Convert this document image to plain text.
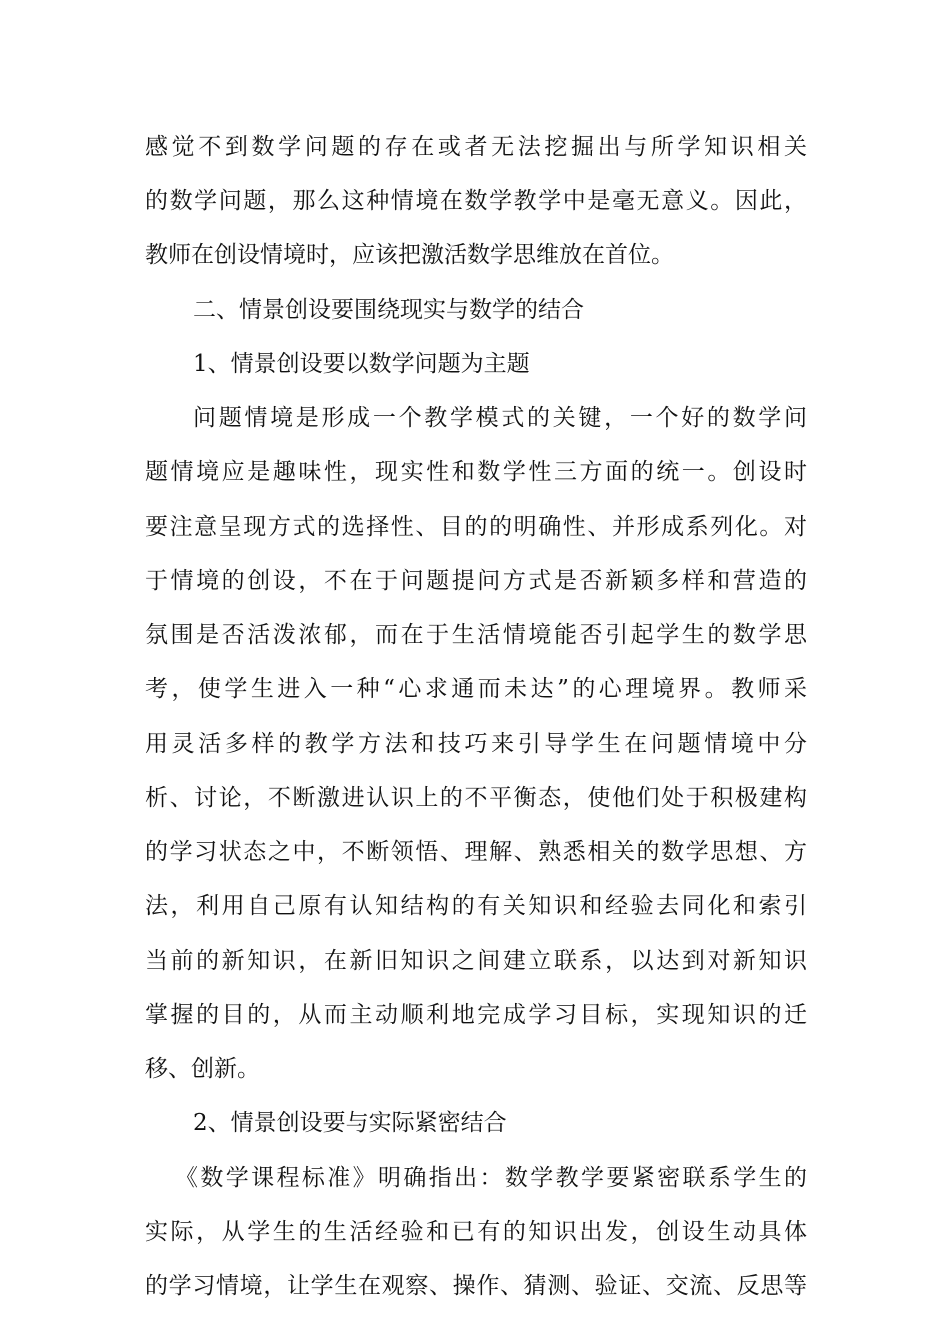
感觉不到数学问题的存在或者无法挖掘出与所学知识相关
的数学问题，那么这种情境在数学教学中是毫无意义。因此，
教师在创设情境时，应该把激活数学思维放在首位。
二、情景创设要围绕现实与数学的结合
1、情景创设要以数学问题为主题
问题情境是形成一个教学模式的关键，一个好的数学问
题情境应是趣味性，现实性和数学性三方面的统一。创设时
要注意呈现方式的选择性、目的的明确性、并形成系列化。对
于情境的创设，不在于问题提问方式是否新颖多样和营造的
氛围是否活泼浓郁，而在于生活情境能否引起学生的数学思
考，使学生进入一种“心求通而未达”的心理境界。教师采
用灵活多样的教学方法和技巧来引导学生在问题情境中分
析、讨论，不断激进认识上的不平衡态，使他们处于积极建构
的学习状态之中，不断领悟、理解、熟悉相关的数学思想、方
法，利用自己原有认知结构的有关知识和经验去同化和索引
当前的新知识，在新旧知识之间建立联系，以达到对新知识
掌握的目的，从而主动顺利地完成学习目标，实现知识的迁
移、创新。
2、情景创设要与实际紧密结合
《数学课程标准》明确指出：数学教学要紧密联系学生的
实际，从学生的生活经验和已有的知识出发，创设生动具体
的学习情境，让学生在观察、操作、猜测、验证、交流、反思等
